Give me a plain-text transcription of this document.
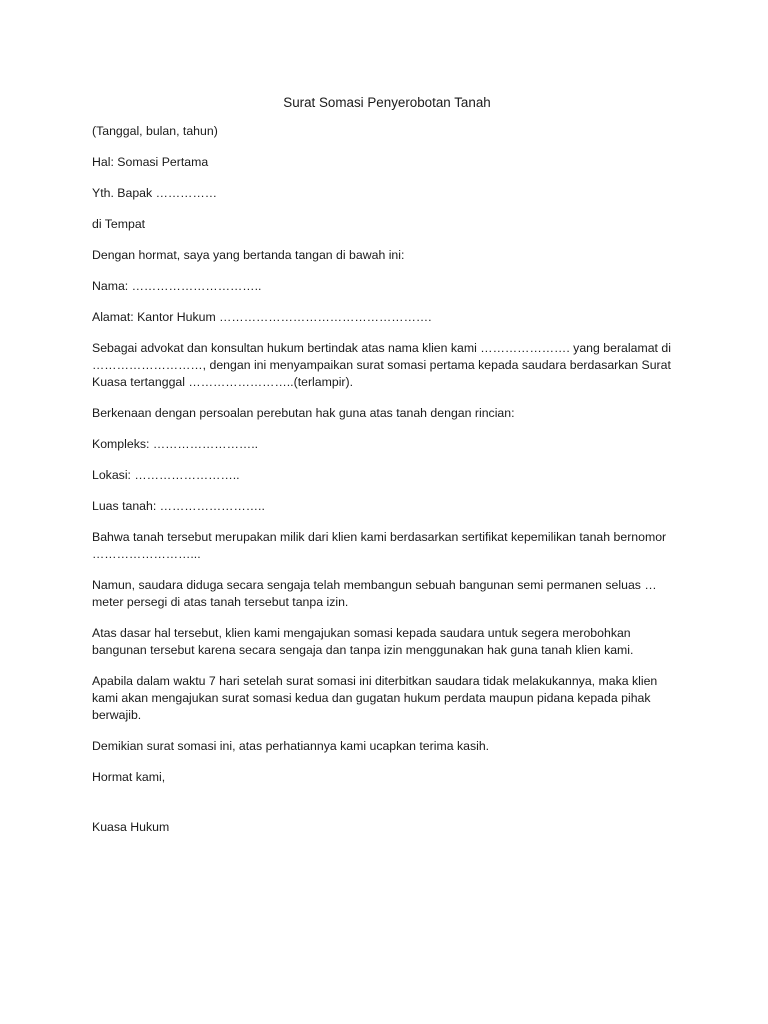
Surat Somasi Penyerobotan Tanah
(Tanggal, bulan, tahun)
Hal: Somasi Pertama
Yth. Bapak ……………
di Tempat
Dengan hormat, saya yang bertanda tangan di bawah ini:
Nama: …………………………..
Alamat: Kantor Hukum …………………………………………….
Sebagai advokat dan konsultan hukum bertindak atas nama klien kami …………………. yang beralamat di ………………………, dengan ini menyampaikan surat somasi pertama kepada saudara berdasarkan Surat Kuasa tertanggal ……………………..(terlampir).
Berkenaan dengan persoalan perebutan hak guna atas tanah dengan rincian:
Kompleks: ……………………..
Lokasi: ……………………..
Luas tanah: ……………………..
Bahwa tanah tersebut merupakan milik dari klien kami berdasarkan sertifikat kepemilikan tanah bernomor ……………………...
Namun, saudara diduga secara sengaja telah membangun sebuah bangunan semi permanen seluas … meter persegi di atas tanah tersebut tanpa izin.
Atas dasar hal tersebut, klien kami mengajukan somasi kepada saudara untuk segera merobohkan bangunan tersebut karena secara sengaja dan tanpa izin menggunakan hak guna tanah klien kami.
Apabila dalam waktu 7 hari setelah surat somasi ini diterbitkan saudara tidak melakukannya, maka klien kami akan mengajukan surat somasi kedua dan gugatan hukum perdata maupun pidana kepada pihak berwajib.
Demikian surat somasi ini, atas perhatiannya kami ucapkan terima kasih.
Hormat kami,
Kuasa Hukum
